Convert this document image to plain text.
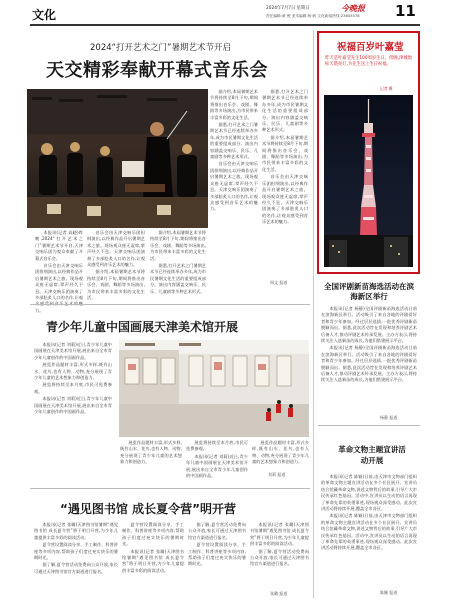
文化	2024年7月7日 星期日	今晚报 11
责任编辑:黄 俊 美术编辑:杨 帆 文化新闻热线:23603578
2024“打开艺术之门”暑期艺术节开启
天交精彩奉献开幕式音乐会

据介绍,本届暑期艺术节将持续至8月下旬,期间将推出音乐会、戏剧、舞蹈等多场演出,为市民带来丰富多彩的文化生活。

据悉,打开艺术之门暑期艺术节已经连续举办多年,成为市民暑期文化生活的重要组成部分。演出内容涵盖交响乐、民乐、儿童剧等多种艺术形式。

音乐会由天津交响乐团担纲演出,以经典作品开启暑期艺术之旅。现场观众座无虚席,掌声经久不息。天津交响乐团演奏了多部脍炙人口的名作,让观众感受到音乐艺术的魅力。

据悉,打开艺术之门暑期艺术节已经连续举办多年,成为市民暑期文化生活的重要组成部分。演出内容涵盖交响乐、民乐、儿童剧等多种艺术形式。

据介绍,本届暑期艺术节将持续至8月下旬,期间将推出音乐会、戏剧、舞蹈等多场演出,为市民带来丰富多彩的文化生活。

音乐会由天津交响乐团担纲演出,以经典作品开启暑期艺术之旅。现场观众座无虚席,掌声经久不息。天津交响乐团演奏了多部脍炙人口的名作,让观众感受到音乐艺术的魅力。

周文 报道

本报讯(记者 高晓)昨晚,2024“打开艺术之门”暑期艺术节开启,天津交响乐团为观众奉献了开幕式音乐会。

音乐会由天津交响乐团担纲演出,以经典作品开启暑期艺术之旅。现场观众座无虚席,掌声经久不息。天津交响乐团演奏了多部脍炙人口的名作,让观 力。

音乐会由天津交响乐团担纲演出,以经典作品开启暑期艺术之旅。现场观众座无虚席,掌声经久不息。天津交响乐团演奏了多部脍炙人口的名作,让观众感受到音乐艺术的魅力。

据介绍,本届暑期艺术节将持续至8月下旬,期间将推出音乐会、戏剧、舞蹈等多场演出,为市民带来丰富多彩的文化生活。

据介绍,本届暑期艺术节将持续至8月下旬,期间将推出音乐会、戏剧、舞蹈等多场演出,为市民带来丰富多彩的文化生活。

据悉,打开艺术之门暑期艺术节已经连续举办多年,成为市民暑期文化生活的重要组成部分。演出内容涵盖交响乐、民乐、儿童剧等多种艺术形式。

青少年儿童中国画展天津美术馆开展

本报讯(记者 刘莉)近日,青少年儿童中国画展在天津美术馆开展,展出来自全市青少年儿童创作的中国画作品。

展览作品题材丰富,形式多样,既有山水、花鸟,也有人物、动物,充分展现了青少年儿童的艺术想象力和创造力。

展览将持续至本月底,市民可免费参观。

本报讯(记者 刘莉)近日,青少年儿童中国画展在天津美术馆开展,展出来自全市青少年儿童创作的中国画作品。

展览作品题材丰富,形式多样,既有山水、花鸟,也有人物、动物,充分展现了青少年儿童的艺术想象力和创造力。

展览将持续至本月底,市民可免费参观。

本报讯(记者 刘莉)近日,青少年儿童中国画展在天津美术馆开展,展出来自全市青少年儿童创作的中国画作品。

展览作品题材丰富,形式多样,既有山水、花鸟,也有人物、动物,充分展现了青少年儿童的艺术想象力和创造力。

刘莉 报道
“遇见图书馆 成长夏令营”明开营

本报讯(记者 张璐)天津图书馆暑期“遇见图书馆 成长夏令营”将于明日开营,为少年儿童提供丰富多彩的阅读活动。

夏令营设置阅读分享、手工制作、科普讲座等多项内容,帮助孩子们度过充实快乐的暑期时光。

据了解,夏令营活动免费向公众开放,家长可通过天津图书馆官方渠道进行报名。

夏令营设置阅读分享、手工制作、科普讲座等多项内容,帮助孩子们度过充实快乐的暑期时光。

本报讯(记者 张璐)天津图书馆暑期“遇见图书馆 成长夏令营”将于明日开营,为少年儿童提供丰富多彩的阅读活动。

据了解,夏令营活动免费向公众开放,家长可通过天津图书馆官方渠道进行报名。

夏令营设置阅读分享、手工制作、科普讲座等多项内容,帮助孩子们度过充实快乐的暑期时光。

本报讯(记者 张璐)天津图书馆暑期“遇见图书馆 成长夏令营”将于明日开营,为少年儿童提供丰富多彩的阅读活动。

据了解,夏令营活动免费向公众开放,家长可通过天津图书馆官方渠道进行报名。

张璐 报道
祝福百岁叶嘉莹
昨天是叶嘉莹先生100周岁生日。傍晚,津城地标天塔亮灯,为先生送上生日祝福。
记者 摄
全国评剧新苗海选活动在滨海新区举行

本报讯(记者 杨静)全国评剧新苗海选活动日前在滨海新区举行。活动吸引了来自各地的评剧爱好者和青少年参加。经过层层选拔,一批优秀评剧新苗脱颖而出。据悉,此次活动旨在发现和培养评剧艺术后备人才,推动评剧艺术传承发展。主办方表示,将持续关注入选新苗的成长,为他们搭建展示平台。

本报讯(记者 杨静)全国评剧新苗海选活动日前在滨海新区举行。活动吸引了来自各地的评剧爱好者和青少年参加。经过层层选拔,一批优秀评剧新苗脱颖而出。据悉,此次活动旨在发现和培养评剧艺术后备人才,推动评剧艺术传承发展。主办方表示,将持续关注入选新苗的成长,为他们搭建展示平台。

杨静 报道
革命文物主题宣讲活动开展

本报讯(记者 陈颖)日前,由天津市文物部门组织的革命文物主题宣讲活动在多个社区展开。宣讲员结合馆藏革命文物,讲述文物背后的故事,引导广大市民传承红色基因。活动中,宣讲员以生动的语言再现了革命先辈的英勇事迹,现场观众深受感动。此次宣讲活动将持续开展,覆盖全市各区。

本报讯(记者 陈颖)日前,由天津市文物部门组织的革命文物主题宣讲活动在多个社区展开。宣讲员结合馆藏革命文物,讲述文物背后的故事,引导广大市民传承红色基因。活动中,宣讲员以生动的语言再现了革命先辈的英勇事迹,现场观众深受感动。此次宣讲活动将持续开展,覆盖全市各区。

陈颖 报道
